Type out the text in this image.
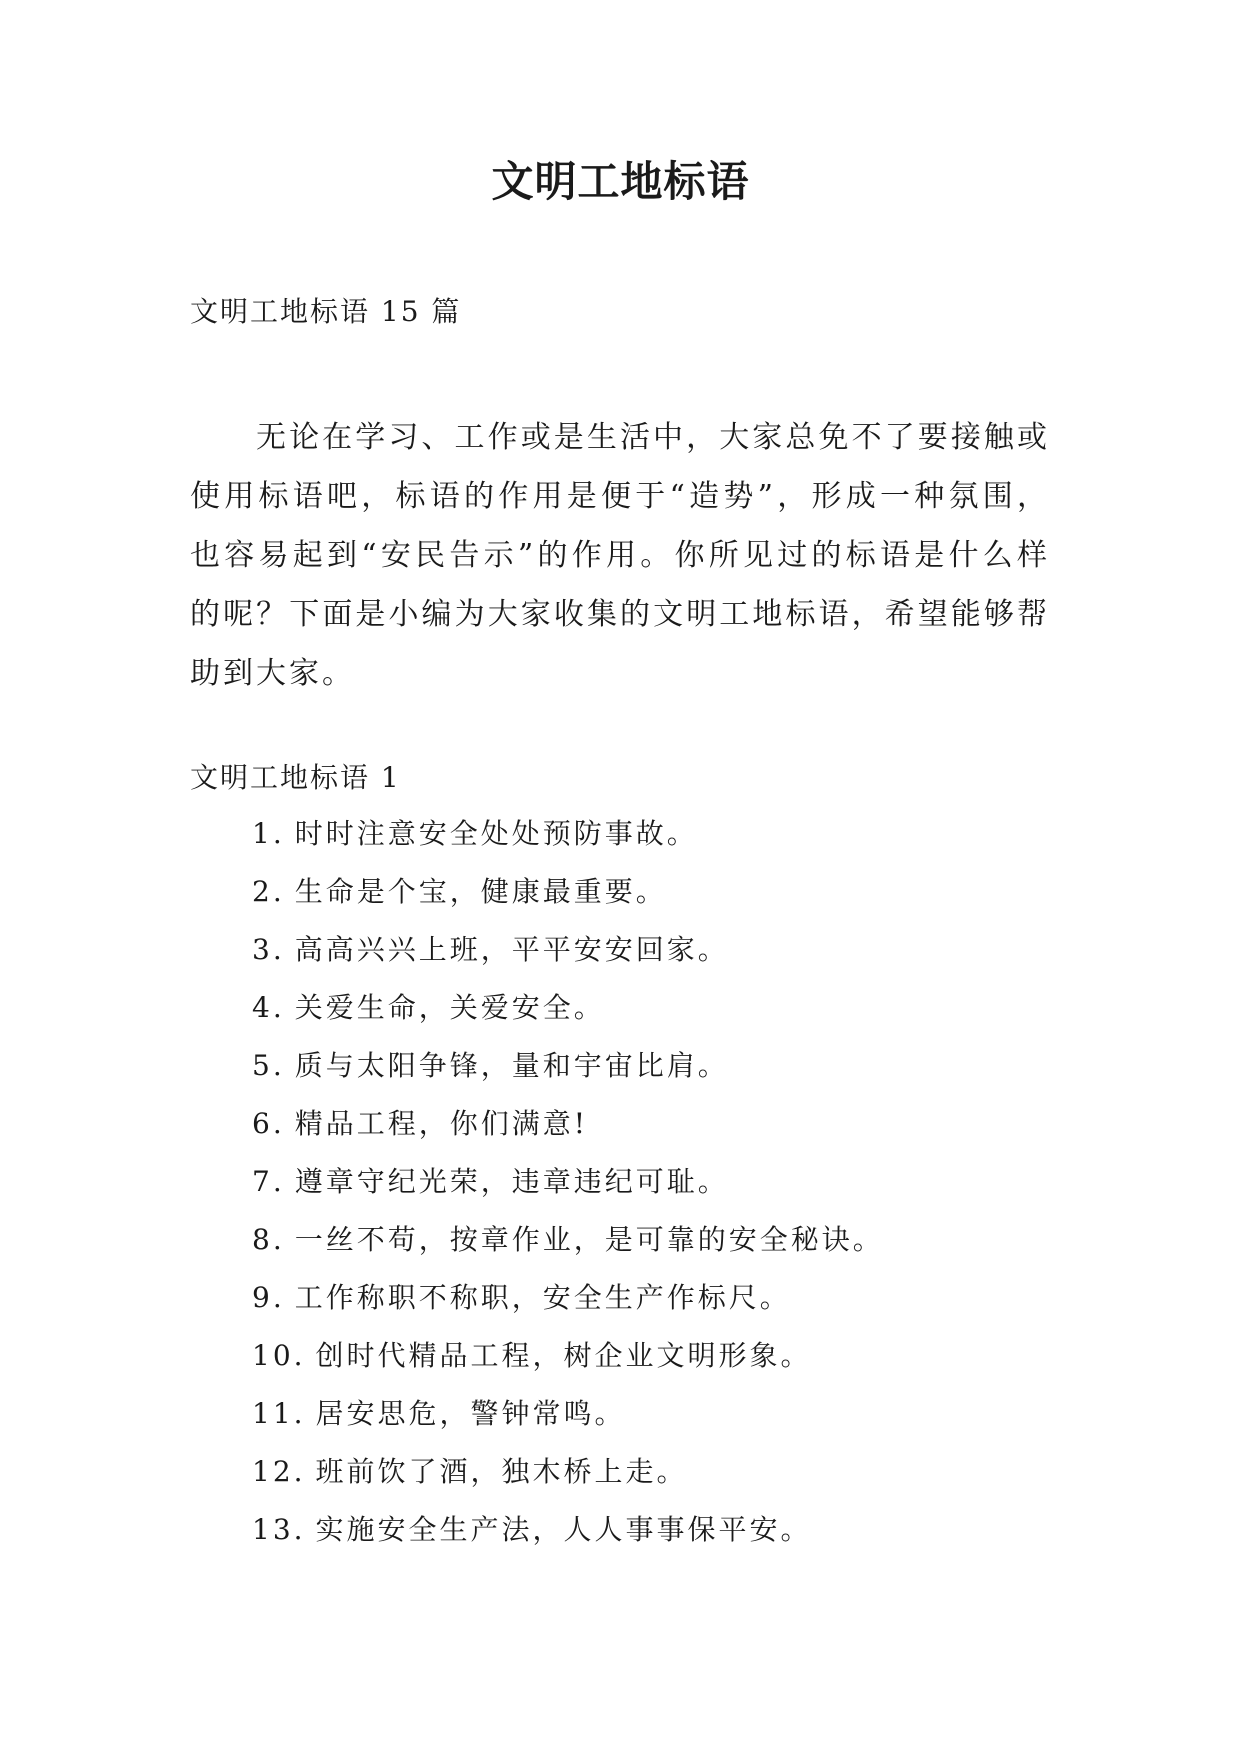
文明工地标语

文明工地标语 15 篇

无论在学习、工作或是生活中，大家总免不了要接触或使用标语吧，标语的作用是便于“造势”，形成一种氛围，也容易起到“安民告示”的作用。你所见过的标语是什么样的呢？下面是小编为大家收集的文明工地标语，希望能够帮助到大家。

文明工地标语 1

1. 时时注意安全处处预防事故。
2. 生命是个宝，健康最重要。
3. 高高兴兴上班，平平安安回家。
4. 关爱生命，关爱安全。
5. 质与太阳争锋，量和宇宙比肩。
6. 精品工程，你们满意!
7. 遵章守纪光荣，违章违纪可耻。
8. 一丝不苟，按章作业，是可靠的安全秘诀。
9. 工作称职不称职，安全生产作标尺。
10. 创时代精品工程，树企业文明形象。
11. 居安思危，警钟常鸣。
12. 班前饮了酒，独木桥上走。
13. 实施安全生产法，人人事事保平安。
